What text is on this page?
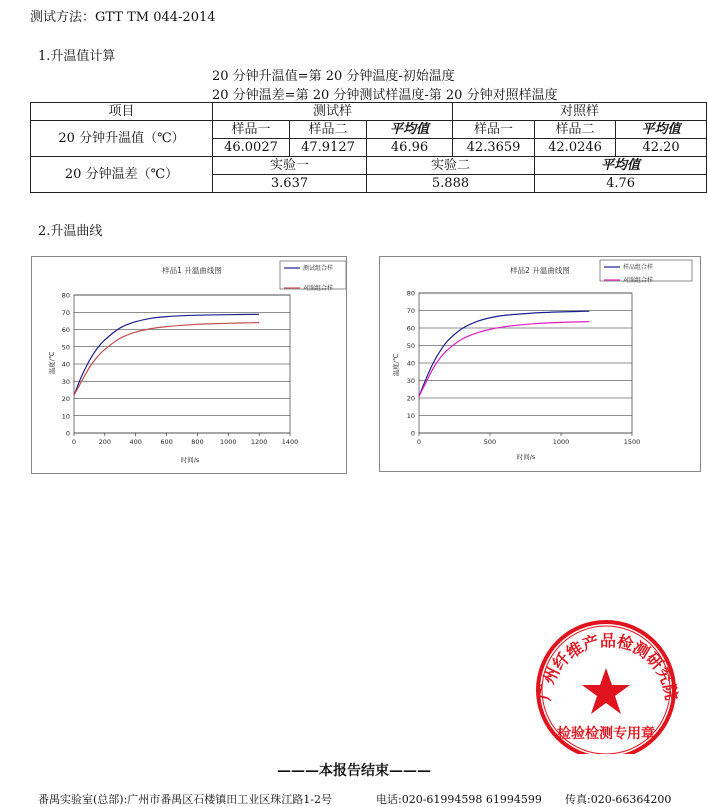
测试方法：GTT TM 044-2014
1.升温值计算
20 分钟升温值=第 20 分钟温度-初始温度
20 分钟温差=第 20 分钟测试样温度-第 20 分钟对照样温度
项目	测试样			对照样		
20 分钟升温值（℃）	样品一	样品二	平均值	样品一	样品二	平均值
	46.0027	47.9127	46.96	42.3659	42.0246	42.20
20 分钟温差（℃）	实验一		实验二		平均值	
	3.637		5.888		4.76	
2.升温曲线
0
10
20
30
40
50
60
70
80
0	200	400	600	800	1000 1200 1400
样品1 升温曲线图
时间/s
温度/℃
测试组合样
对照组合样
0
10
20
30
40
50
60
70
80
0	500	1000	1500
样品2 升温曲线图
时间/s
温度/℃
样品组合样
对照组合样
广州纤维产品检测研究院
检验检测专用章
———本报告结束———
番禺实验室(总部):广州市番禺区石楼镇田工业区珠江路1-2号	电话:020-61994598 61994599 传真:020-66364200
